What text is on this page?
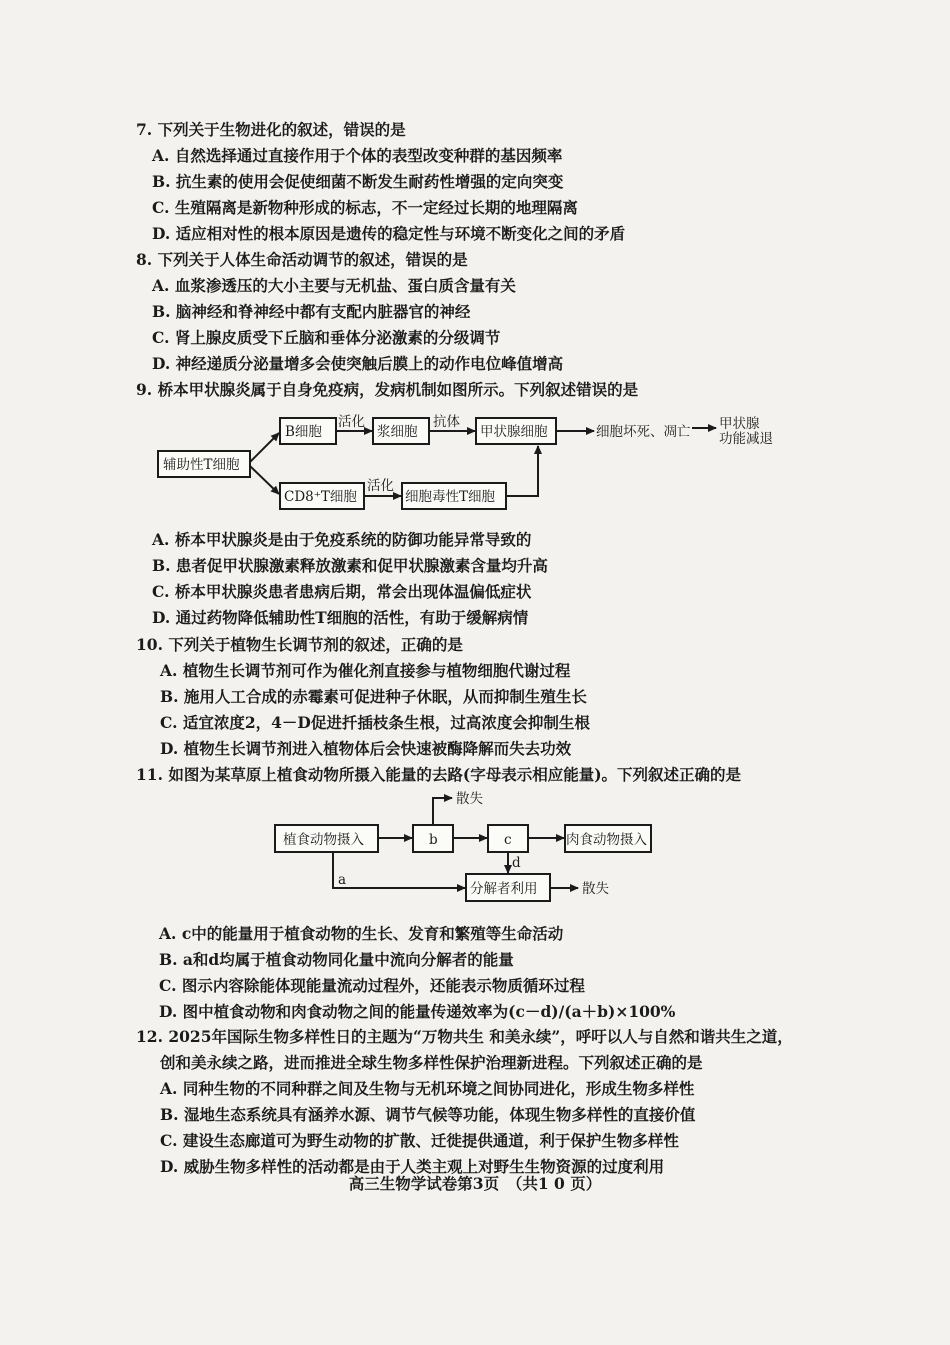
7. 下列关于生物进化的叙述，错误的是
A. 自然选择通过直接作用于个体的表型改变种群的基因频率
B. 抗生素的使用会促使细菌不断发生耐药性增强的定向突变
C. 生殖隔离是新物种形成的标志，不一定经过长期的地理隔离
D. 适应相对性的根本原因是遗传的稳定性与环境不断变化之间的矛盾
8. 下列关于人体生命活动调节的叙述，错误的是
A. 血浆渗透压的大小主要与无机盐、蛋白质含量有关
B. 脑神经和脊神经中都有支配内脏器官的神经
C. 肾上腺皮质受下丘脑和垂体分泌激素的分级调节
D. 神经递质分泌量增多会使突触后膜上的动作电位峰值增高
9. 桥本甲状腺炎属于自身免疫病，发病机制如图所示。下列叙述错误的是
辅助性T细胞
B细胞
活化
浆细胞
抗体
甲状腺细胞	细胞坏死、凋亡 甲状腺
功能减退
CD8⁺T细胞
活化
细胞毒性T细胞
A. 桥本甲状腺炎是由于免疫系统的防御功能异常导致的
B. 患者促甲状腺激素释放激素和促甲状腺激素含量均升高
C. 桥本甲状腺炎患者患病后期，常会出现体温偏低症状
D. 通过药物降低辅助性T细胞的活性，有助于缓解病情
10. 下列关于植物生长调节剂的叙述，正确的是
A. 植物生长调节剂可作为催化剂直接参与植物细胞代谢过程
B. 施用人工合成的赤霉素可促进种子休眠，从而抑制生殖生长
C. 适宜浓度2，4－D促进扦插枝条生根，过高浓度会抑制生根
D. 植物生长调节剂进入植物体后会快速被酶降解而失去功效
11. 如图为某草原上植食动物所摄入能量的去路(字母表示相应能量)。下列叙述正确的是
植食动物摄入	b	c	肉食动物摄入
散失
a
d
分解者利用	散失
A. c中的能量用于植食动物的生长、发育和繁殖等生命活动
B. a和d均属于植食动物同化量中流向分解者的能量
C. 图示内容除能体现能量流动过程外，还能表示物质循环过程
D. 图中植食动物和肉食动物之间的能量传递效率为(c－d)/(a＋b)×100%
12. 2025年国际生物多样性日的主题为“万物共生 和美永续”，呼吁以人与自然和谐共生之道，
创和美永续之路，进而推进全球生物多样性保护治理新进程。下列叙述正确的是
A. 同种生物的不同种群之间及生物与无机环境之间协同进化，形成生物多样性
B. 湿地生态系统具有涵养水源、调节气候等功能，体现生物多样性的直接价值
C. 建设生态廊道可为野生动物的扩散、迁徙提供通道，利于保护生物多样性
D. 威胁生物多样性的活动都是由于人类主观上对野生生物资源的过度利用
高三生物学试卷第3页　（共1 0 页）
